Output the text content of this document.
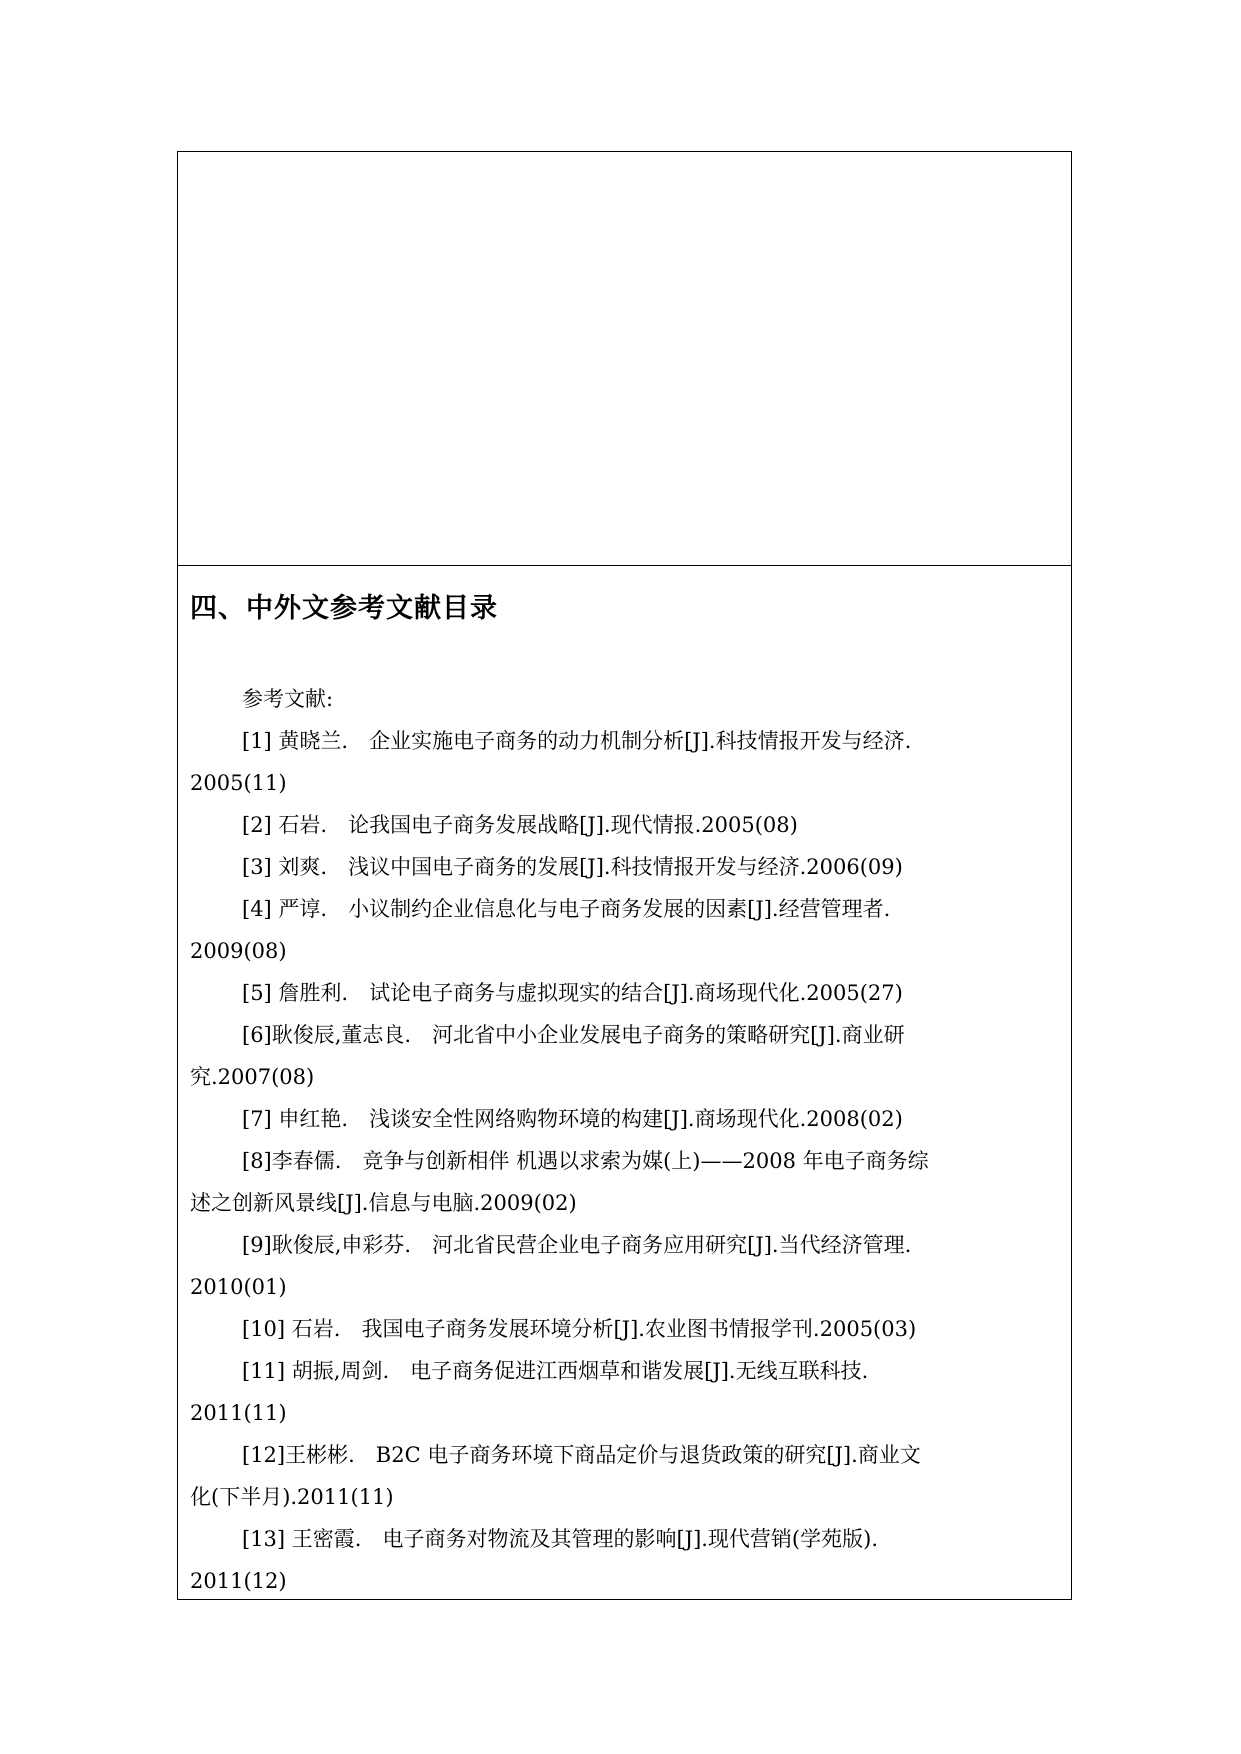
四、中外文参考文献目录
参考文献:
[1] 黄晓兰.　企业实施电子商务的动力机制分析[J].科技情报开发与经济.
2005(11)
[2] 石岩.　论我国电子商务发展战略[J].现代情报.2005(08)
[3] 刘爽.　浅议中国电子商务的发展[J].科技情报开发与经济.2006(09)
[4] 严谆.　小议制约企业信息化与电子商务发展的因素[J].经营管理者.
2009(08)
[5] 詹胜利.　试论电子商务与虚拟现实的结合[J].商场现代化.2005(27)
[6]耿俊辰,董志良.　河北省中小企业发展电子商务的策略研究[J].商业研
究.2007(08)
[7] 申红艳.　浅谈安全性网络购物环境的构建[J].商场现代化.2008(02)
[8]李春儒.　竞争与创新相伴 机遇以求索为媒(上)——2008 年电子商务综
述之创新风景线[J].信息与电脑.2009(02)
[9]耿俊辰,申彩芬.　河北省民营企业电子商务应用研究[J].当代经济管理.
2010(01)
[10] 石岩.　我国电子商务发展环境分析[J].农业图书情报学刊.2005(03)
[11] 胡振,周剑.　电子商务促进江西烟草和谐发展[J].无线互联科技.
2011(11)
[12]王彬彬.　B2C 电子商务环境下商品定价与退货政策的研究[J].商业文
化(下半月).2011(11)
[13] 王密霞.　电子商务对物流及其管理的影响[J].现代营销(学苑版).
2011(12)
